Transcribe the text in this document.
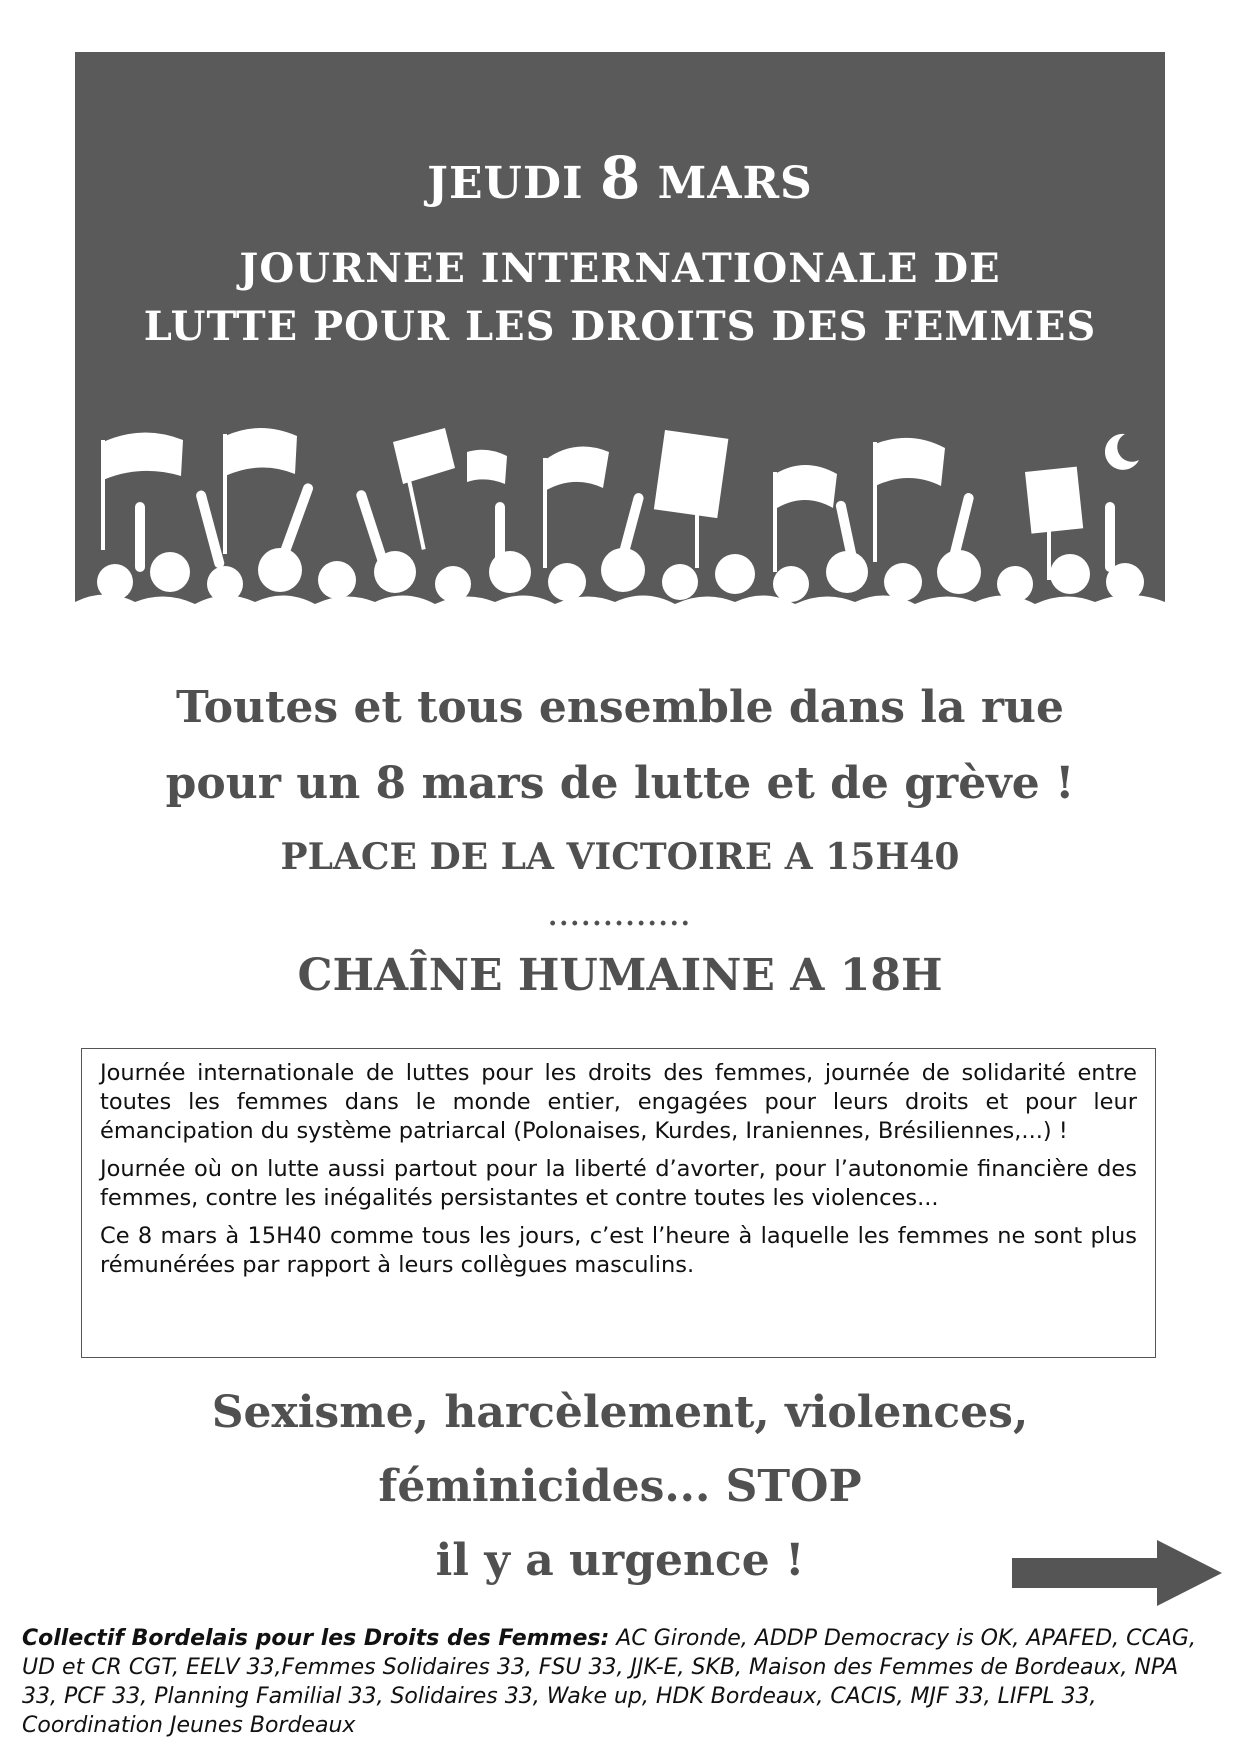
JEUDI 8 MARS
JOURNEE INTERNATIONALE DE
LUTTE POUR LES DROITS DES FEMMES
Toutes et tous ensemble dans la rue
pour un 8 mars de lutte et de grève !
PLACE DE LA VICTOIRE A 15H40
.............
CHAÎNE HUMAINE A 18H

Journée internationale de luttes pour les droits des femmes, journée de solidarité entre toutes les femmes dans le monde entier, engagées pour leurs droits et pour leur émancipation du système patriarcal (Polonaises, Kurdes, Iraniennes, Brésiliennes,...) !

Journée où on lutte aussi partout pour la liberté d’avorter, pour l’autonomie financière des femmes, contre les inégalités persistantes et contre toutes les violences...

Ce 8 mars à 15H40 comme tous les jours, c’est l’heure à laquelle les femmes ne sont plus rémunérées par rapport à leurs collègues masculins.

Sexisme, harcèlement, violences,
féminicides... STOP
il y a urgence !
Collectif Bordelais pour les Droits des Femmes: AC Gironde, ADDP Democracy is OK, APAFED, CCAG, UD et CR CGT, EELV 33,Femmes Solidaires 33, FSU 33, JJK-E, SKB, Maison des Femmes de Bordeaux, NPA 33, PCF 33, Planning Familial 33, Solidaires 33, Wake up, HDK Bordeaux, CACIS, MJF 33, LIFPL 33, Coordination Jeunes Bordeaux
